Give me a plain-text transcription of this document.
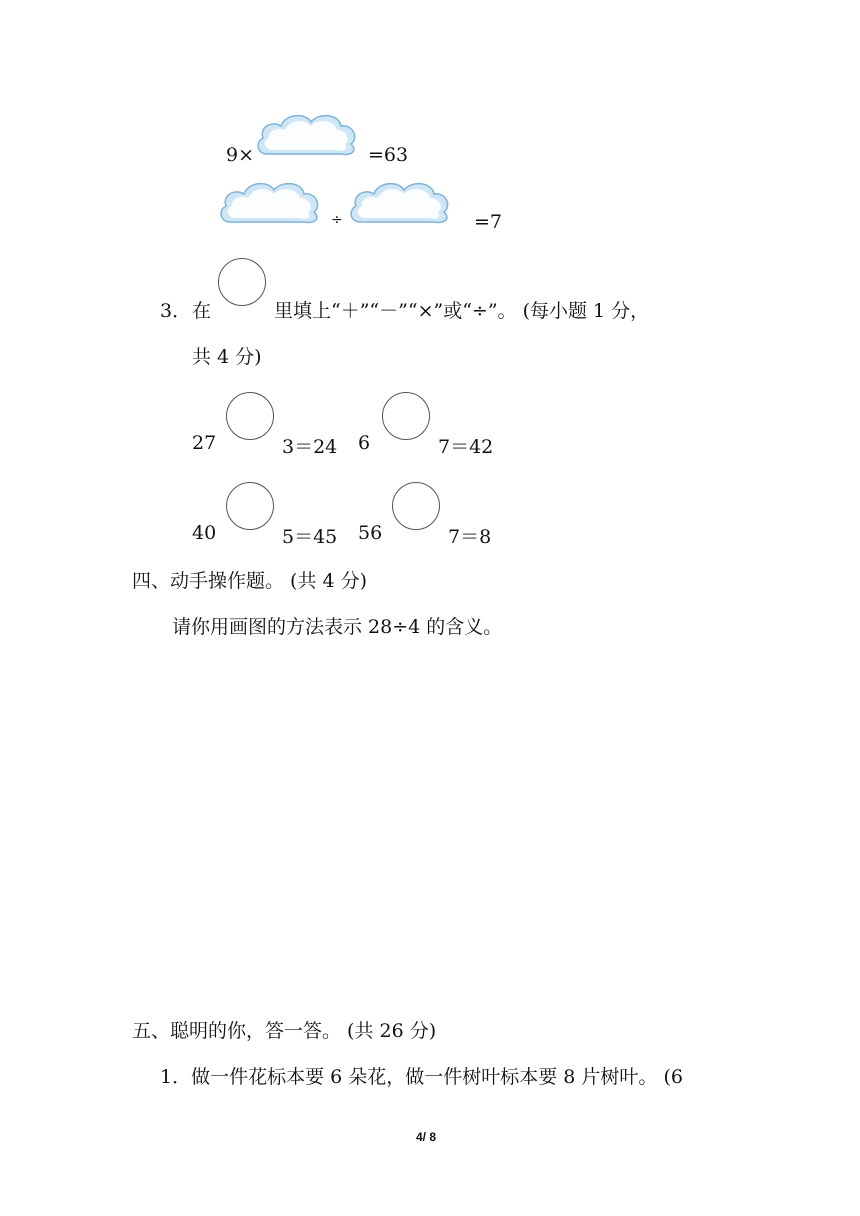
9×	=63
÷	=7
3． 在	里填上“＋”“－”“×”或“÷”。 (每小题 1 分，
共 4 分)
27	3＝24 6	7＝42
40	5＝45 56	7＝8
四、动手操作题。 (共 4 分)
请你用画图的方法表示 28÷4 的含义。
五、聪明的你，答一答。 (共 26 分)
1．做一件花标本要 6 朵花，做一件树叶标本要 8 片树叶。 (6
4/ 8
